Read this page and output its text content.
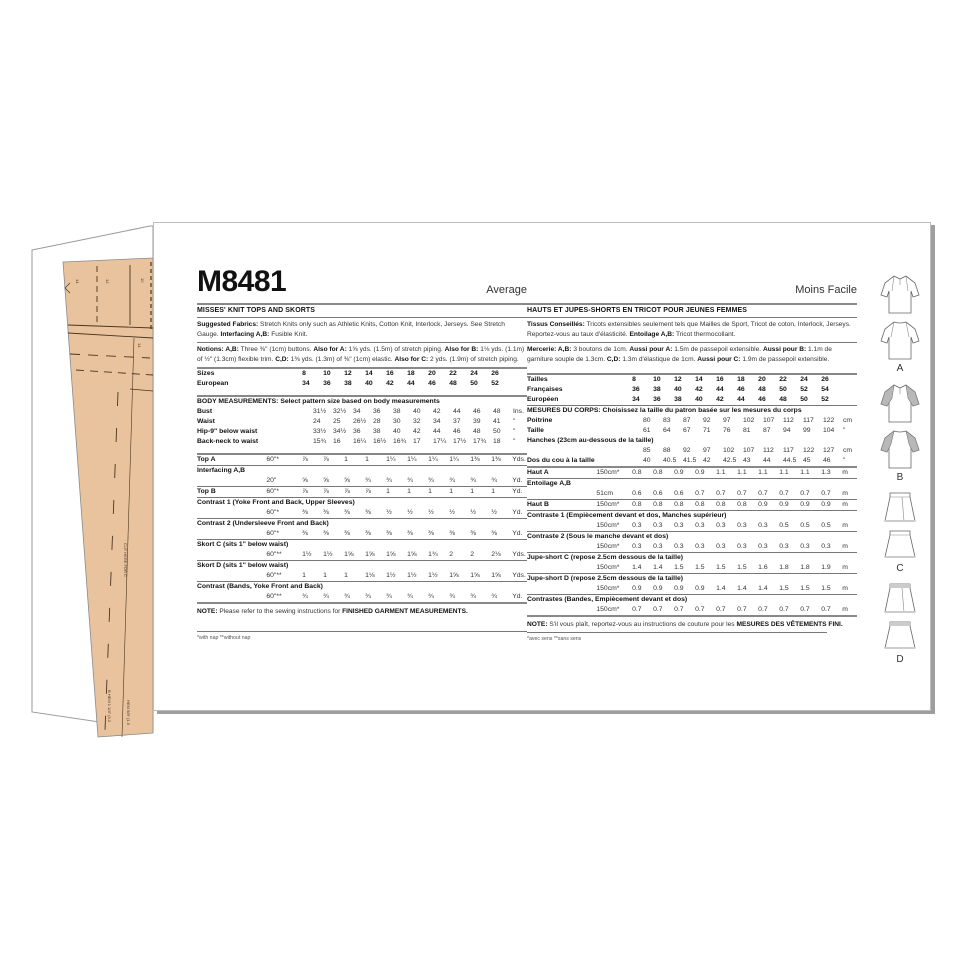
14	12	10
14
CUT HERE FOR C
B HEM 1 1/4" (3.2	HEM 5/8" (1.5
M8481	Average
MISSES' KNIT TOPS AND SKORTS
Suggested Fabrics: Stretch Knits only such as Athletic Knits, Cotton Knit, Interlock, Jerseys. See Stretch Gauge. Interfacing A,B: Fusible Knit.
Notions: A,B: Three ⅜" (1cm) buttons. Also for A: 1⅝ yds. (1.5m) of stretch piping. Also for B: 1⅛ yds. (1.1m) of ½" (1.3cm) flexible trim. C,D: 1⅜ yds. (1.3m) of ⅜" (1cm) elastic. Also for C: 2 yds. (1.9m) of stretch piping.
Sizes		8	10	12	14	16	18	20	22	24	26	
European		34	36	38	40	42	44	46	48	50	52	
BODY MEASUREMENTS: Select pattern size based on body measurements
Bust	31½	32½	34	36	38	40	42	44	46	48	Ins.
Waist	24	25	26½	28	30	32	34	37	39	41	"
Hip-9" below waist	33½	34½	36	38	40	42	44	46	48	50	"
Back-neck to waist	15¾	16	16¼	16½	16¾	17	17¼	17½	17¾	18	"
Top A	60"*	⅞	⅞	1	1	1¼	1¼	1¼	1¼	1⅜	1⅜	Yds.
Interfacing A,B
	20"	⅝	⅝	⅝	¾	¾	¾	¾	¾	¾	¾	Yd.
Top B	60"*	⅞	⅞	⅞	⅞	1	1	1	1	1	1	Yd.
Contrast 1 (Yoke Front and Back, Upper Sleeves)
	60"*	⅜	⅜	⅜	⅜	½	½	½	½	½	½	Yd.
Contrast 2 (Undersleeve Front and Back)
	60"*	⅜	⅜	⅜	⅜	⅜	⅜	⅜	⅜	⅜	⅜	Yd.
Skort C (sits 1" below waist)
	60"**	1½	1½	1⅝	1⅝	1⅝	1⅝	1¾	2	2	2⅛	Yds.
Skort D (sits 1" below waist)
	60"**	1	1	1	1⅛	1½	1½	1½	1⅝	1⅝	1⅝	Yds.
Contrast (Bands, Yoke Front and Back)
	60"**	¾	¾	¾	¾	¾	¾	¾	¾	¾	¾	Yd.
NOTE: Please refer to the sewing instructions for FINISHED GARMENT MEASUREMENTS.
*with nap **without nap
Moins Facile
HAUTS ET JUPES-SHORTS EN TRICOT POUR JEUNES FEMMES
Tissus Conseillés: Tricots extensibles seulement tels que Mailles de Sport, Tricot de coton, Interlock, Jerseys. Reportez-vous au taux d'élasticité. Entoilage A,B: Tricot thermocollant.
Mercerie: A,B: 3 boutons de 1cm. Aussi pour A: 1.5m de passepoil extensible. Aussi pour B: 1.1m de garniture souple de 1.3cm. C,D: 1.3m d'élastique de 1cm. Aussi pour C: 1.9m de passepoil extensible.
Tailles		8	10	12	14	16	18	20	22	24	26	
Françaises		36	38	40	42	44	46	48	50	52	54	
Européen		34	36	38	40	42	44	46	48	50	52	
MESURES DU CORPS: Choisissez la taille du patron basée sur les mesures du corps
Poitrine	80	83	87	92	97	102	107	112	117	122	cm
Taille	61	64	67	71	76	81	87	94	99	104	"
Hanches (23cm au-dessous de la taille)
	85	88	92	97	102	107	112	117	122	127	cm
Dos du cou à la taille	40	40.5	41.5	42	42.5	43	44	44.5	45	46	"
Haut A	150cm*	0.8	0.8	0.9	0.9	1.1	1.1	1.1	1.1	1.1	1.3	m
Entoilage A,B
	51cm	0.6	0.6	0.6	0.7	0.7	0.7	0.7	0.7	0.7	0.7	m
Haut B	150cm*	0.8	0.8	0.8	0.8	0.8	0.8	0.9	0.9	0.9	0.9	m
Contraste 1 (Empiècement devant et dos, Manches supérieur)
	150cm*	0.3	0.3	0.3	0.3	0.3	0.3	0.3	0.5	0.5	0.5	m
Contraste 2 (Sous le manche devant et dos)
	150cm*	0.3	0.3	0.3	0.3	0.3	0.3	0.3	0.3	0.3	0.3	m
Jupe-short C (repose 2.5cm dessous de la taille)
	150cm*	1.4	1.4	1.5	1.5	1.5	1.5	1.6	1.8	1.8	1.9	m
Jupe-short D (repose 2.5cm dessous de la taille)
	150cm*	0.9	0.9	0.9	0.9	1.4	1.4	1.4	1.5	1.5	1.5	m
Contrastes (Bandes, Empiècement devant et dos)
	150cm*	0.7	0.7	0.7	0.7	0.7	0.7	0.7	0.7	0.7	0.7	m
NOTE: S'il vous plaît, reportez-vous au instructions de couture pour les MESURES DES VÊTEMENTS FINI.
*avec sens **sans sens
A
B
C
D
